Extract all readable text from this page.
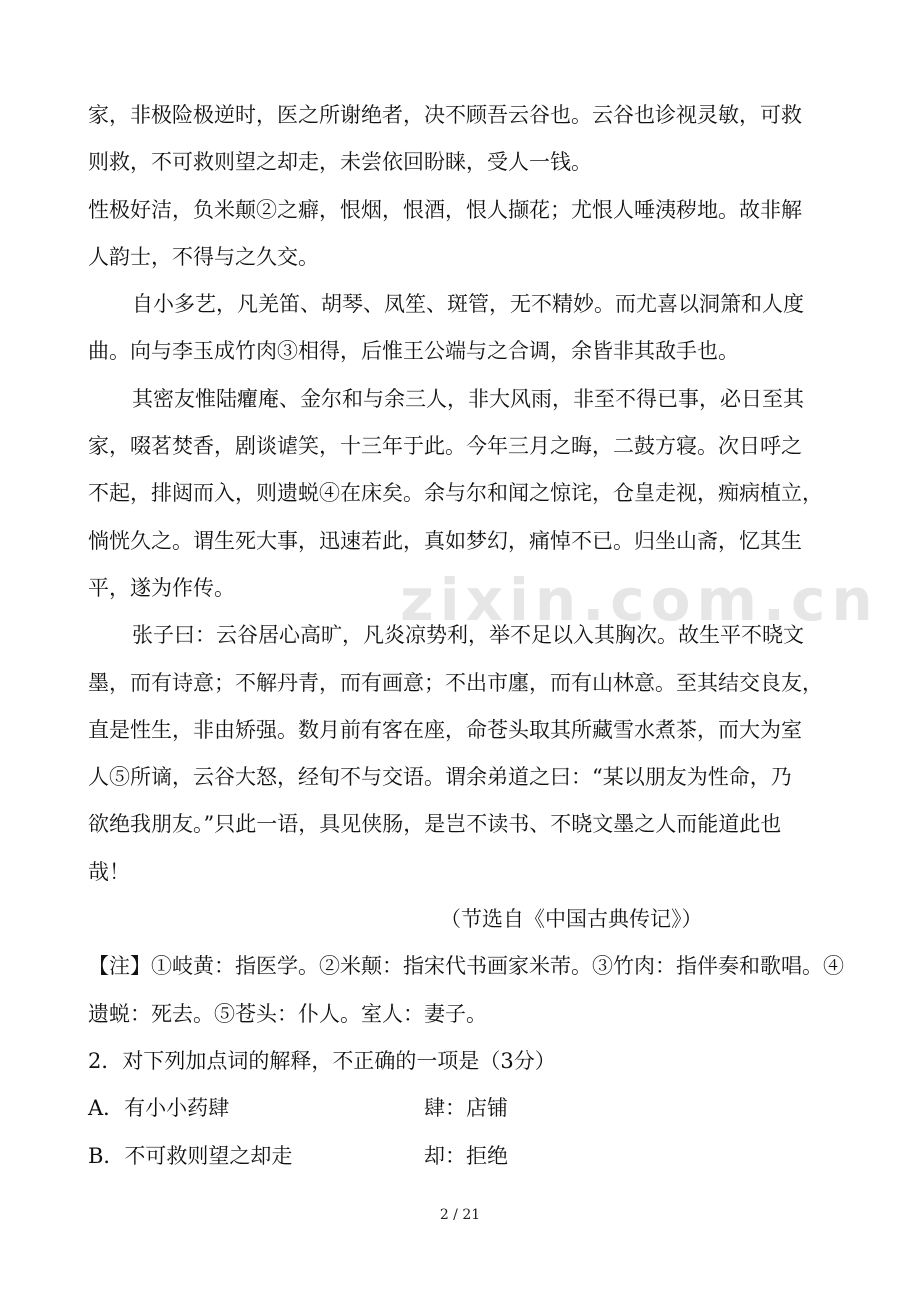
zixin.com.cn
家，非极险极逆时，医之所谢绝者，决不顾吾云谷也。云谷也诊视灵敏，可救
则救，不可救则望之却走，未尝依回盼睐，受人一钱。
性极好洁，负米颠②之癖，恨烟，恨酒，恨人撷花；尤恨人唾洟秽地。故非解
人韵士，不得与之久交。
自小多艺，凡羌笛、胡琴、凤笙、斑管，无不精妙。而尤喜以洞箫和人度
曲。向与李玉成竹肉③相得，后惟王公端与之合调，余皆非其敌手也。
其密友惟陆癯庵、金尔和与余三人，非大风雨，非至不得已事，必日至其
家，啜茗焚香，剧谈谑笑，十三年于此。今年三月之晦，二鼓方寝。次日呼之
不起，排闼而入，则遗蜕④在床矣。余与尔和闻之惊诧，仓皇走视，痴病植立，
惝恍久之。谓生死大事，迅速若此，真如梦幻，痛悼不已。归坐山斋，忆其生
平，遂为作传。
张子曰：云谷居心高旷，凡炎凉势利，举不足以入其胸次。故生平不晓文
墨，而有诗意；不解丹青，而有画意；不出市廛，而有山林意。至其结交良友，
直是性生，非由矫强。数月前有客在座，命苍头取其所藏雪水煮茶，而大为室
人⑤所谪，云谷大怒，经旬不与交语。谓余弟道之曰：“某以朋友为性命，乃
欲绝我朋友。”只此一语，具见侠肠，是岂不读书、不晓文墨之人而能道此也
哉！
（节选自《中国古典传记》）
【注】①岐黄：指医学。②米颠：指宋代书画家米芾。③竹肉：指伴奏和歌唱。④
遗蜕：死去。⑤苍头：仆人。室人：妻子。
2．对下列加点词的解释，不正确的一项是（3分）
A．有小小药肆	肆：店铺
B．不可救则望之却走	却：拒绝
2 / 21
